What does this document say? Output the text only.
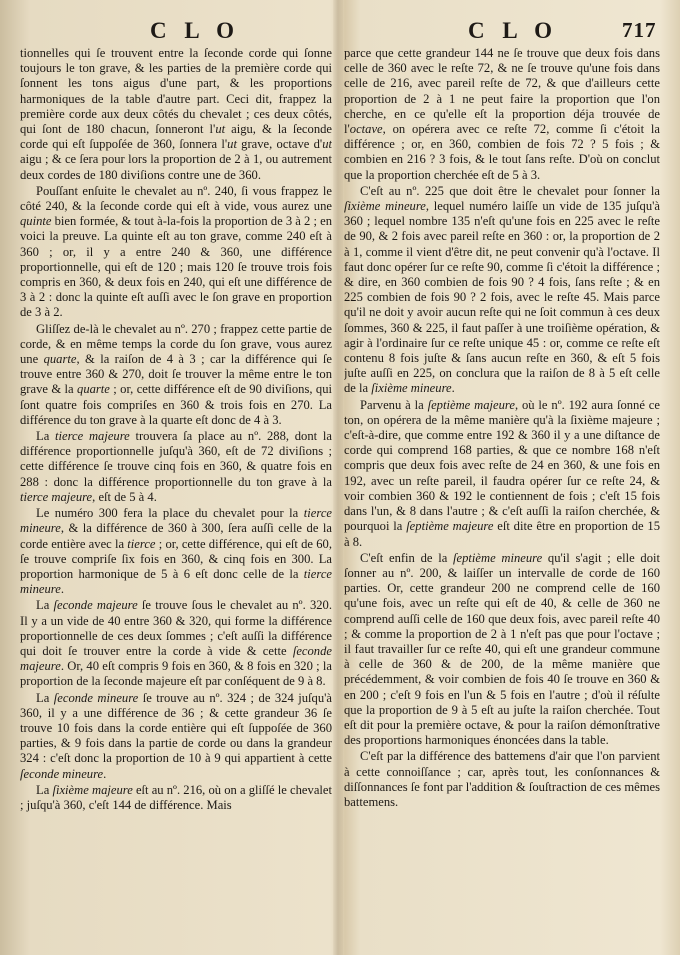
C L O	C L O	717

tionnelles qui ſe trouvent entre la ſeconde corde qui ſonne toujours le ton grave, & les parties de la première corde qui ſonnent les tons aigus d'une part, & les proportions harmoniques de la table d'autre part. Ceci dit, frappez la première corde aux deux côtés du chevalet ; ces deux côtés, qui ſont de 180 chacun, ſonneront l'ut aigu, & la ſeconde corde qui eſt ſuppoſée de 360, ſonnera l'ut grave, octave d'ut aigu ; & ce ſera pour lors la proportion de 2 à 1, ou autrement deux cordes de 180 diviſions contre une de 360.

Pouſſant enſuite le chevalet au nº. 240, ſi vous frappez le côté 240, & la ſeconde corde qui eſt à vide, vous aurez une quinte bien formée, & tout à-la-fois la proportion de 3 à 2 ; en voici la preuve. La quinte eſt au ton grave, comme 240 eſt à 360 ; or, il y a entre 240 & 360, une différence proportionnelle, qui eſt de 120 ; mais 120 ſe trouve trois fois compris en 360, & deux fois en 240, qui eſt une différence de 3 à 2 : donc la quinte eſt auſſi avec le ſon grave en proportion de 3 à 2.

Gliſſez de-là le chevalet au nº. 270 ; frappez cette partie de corde, & en même temps la corde du ſon grave, vous aurez une quarte, & la raiſon de 4 à 3 ; car la différence qui ſe trouve entre 360 & 270, doit ſe trouver la même entre le ton grave & la quarte ; or, cette différence eſt de 90 diviſions, qui ſont quatre fois compriſes en 360 & trois fois en 270. La différence du ton grave à la quarte eſt donc de 4 à 3.

La tierce majeure trouvera ſa place au nº. 288, dont la différence proportionnelle juſqu'à 360, eſt de 72 diviſions ; cette différence ſe trouve cinq fois en 360, & quatre fois en 288 : donc la différence proportionnelle du ton grave à la tierce majeure, eſt de 5 à 4.

Le numéro 300 fera la place du chevalet pour la tierce mineure, & la différence de 360 à 300, ſera auſſi celle de la corde entière avec la tierce ; or, cette différence, qui eſt de 60, ſe trouve compriſe ſix fois en 360, & cinq fois en 300. La proportion harmonique de 5 à 6 eſt donc celle de la tierce mineure.

La ſeconde majeure ſe trouve ſous le chevalet au nº. 320. Il y a un vide de 40 entre 360 & 320, qui forme la différence proportionnelle de ces deux ſommes ; c'eſt auſſi la différence qui doit ſe trouver entre la corde à vide & cette ſeconde majeure. Or, 40 eſt compris 9 fois en 360, & 8 fois en 320 ; la proportion de la ſeconde majeure eſt par conſéquent de 9 à 8.

La ſeconde mineure ſe trouve au nº. 324 ; de 324 juſqu'à 360, il y a une différence de 36 ; & cette grandeur 36 ſe trouve 10 fois dans la corde entière qui eſt ſuppoſée de 360 parties, & 9 fois dans la partie de corde ou dans la grandeur 324 : c'eſt donc la proportion de 10 à 9 qui appartient à cette ſeconde mineure.

La ſixième majeure eſt au nº. 216, où on a gliſſé le chevalet ; juſqu'à 360, c'eſt 144 de différence. Mais

parce que cette grandeur 144 ne ſe trouve que deux fois dans celle de 360 avec le reſte 72, & ne ſe trouve qu'une fois dans celle de 216, avec pareil reſte de 72, & que d'ailleurs cette proportion de 2 à 1 ne peut faire la proportion que l'on cherche, en ce qu'elle eſt la proportion déja trouvée de l'octave, on opérera avec ce reſte 72, comme ſi c'étoit la différence ; or, en 360, combien de fois 72 ? 5 fois ; & combien en 216 ? 3 fois, & le tout ſans reſte. D'où on conclut que la proportion cherchée eſt de 5 à 3.

C'eſt au nº. 225 que doit être le chevalet pour ſonner la ſixième mineure, lequel numéro laiſſe un vide de 135 juſqu'à 360 ; lequel nombre 135 n'eſt qu'une fois en 225 avec le reſte de 90, & 2 fois avec pareil reſte en 360 : or, la proportion de 2 à 1, comme il vient d'être dit, ne peut convenir qu'à l'octave. Il faut donc opérer ſur ce reſte 90, comme ſi c'étoit la différence ; & dire, en 360 combien de fois 90 ? 4 fois, ſans reſte ; & en 225 combien de fois 90 ? 2 fois, avec le reſte 45. Mais parce qu'il ne doit y avoir aucun reſte qui ne ſoit commun à ces deux ſommes, 360 & 225, il faut paſſer à une troiſième opération, & agir à l'ordinaire ſur ce reſte unique 45 : or, comme ce reſte eſt contenu 8 fois juſte & ſans aucun reſte en 360, & eſt 5 fois juſte auſſi en 225, on conclura que la raiſon de 8 à 5 eſt celle de la ſixième mineure.

Parvenu à la ſeptième majeure, où le nº. 192 aura ſonné ce ton, on opérera de la même manière qu'à la ſixième majeure ; c'eſt-à-dire, que comme entre 192 & 360 il y a une diſtance de corde qui comprend 168 parties, & que ce nombre 168 n'eſt compris que deux fois avec reſte de 24 en 360, & une fois en 192, avec un reſte pareil, il faudra opérer ſur ce reſte 24, & voir combien 360 & 192 le contiennent de fois ; c'eſt 15 fois dans l'un, & 8 dans l'autre ; & c'eſt auſſi la raiſon cherchée, & pourquoi la ſeptième majeure eſt dite être en proportion de 15 à 8.

C'eſt enfin de la ſeptième mineure qu'il s'agit ; elle doit ſonner au nº. 200, & laiſſer un intervalle de corde de 160 parties. Or, cette grandeur 200 ne comprend celle de 160 qu'une fois, avec un reſte qui eſt de 40, & celle de 360 ne comprend auſſi celle de 160 que deux fois, avec pareil reſte 40 ; & comme la proportion de 2 à 1 n'eſt pas que pour l'octave ; il faut travailler ſur ce reſte 40, qui eſt une grandeur commune à celle de 360 & de 200, de la même manière que précédemment, & voir combien de fois 40 ſe trouve en 360 & en 200 ; c'eſt 9 fois en l'un & 5 fois en l'autre ; d'où il réſulte que la proportion de 9 à 5 eſt au juſte la raiſon cherchée. Tout eſt dit pour la première octave, & pour la raiſon démonſtrative des proportions harmoniques énoncées dans la table.

C'eſt par la différence des battemens d'air que l'on parvient à cette connoiſſance ; car, après tout, les conſonnances & diſſonnances ſe font par l'addition & ſouſtraction de ces mêmes battemens.
